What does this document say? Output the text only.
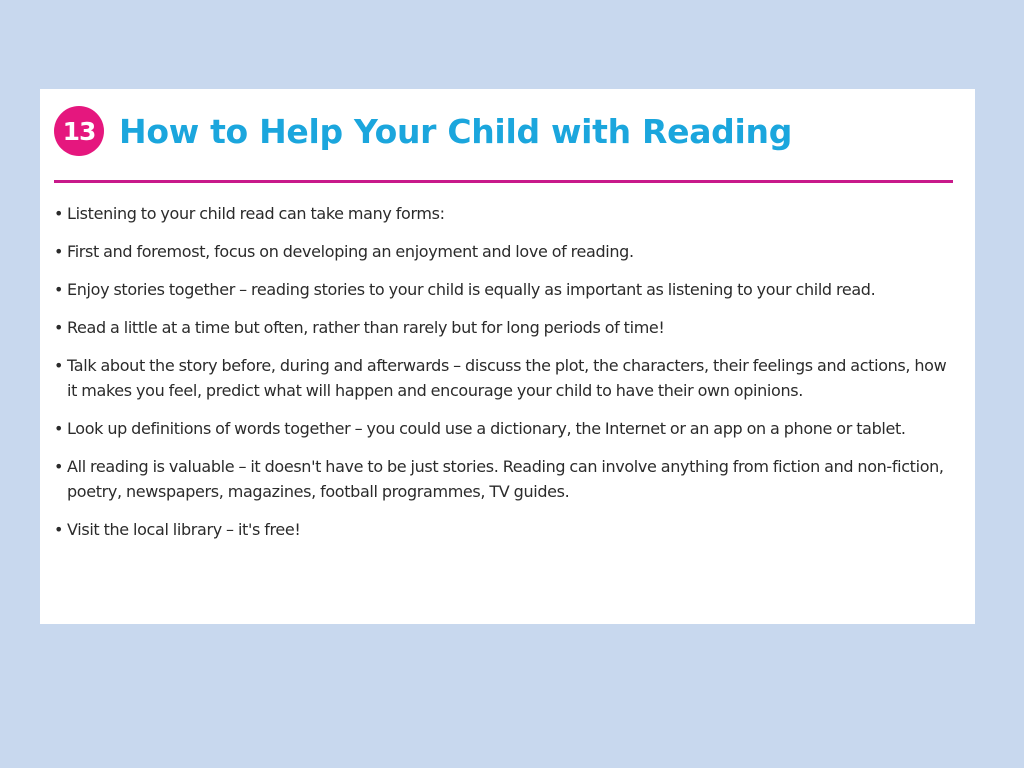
13 How to Help Your Child with Reading
• Listening to your child read can take many forms:
• First and foremost, focus on developing an enjoyment and love of reading.
• Enjoy stories together – reading stories to your child is equally as important as listening to your child read.
• Read a little at a time but often, rather than rarely but for long periods of time!
• Talk about the story before, during and afterwards – discuss the plot, the characters, their feelings and actions, how it makes you feel, predict what will happen and encourage your child to have their own opinions.
• Look up definitions of words together – you could use a dictionary, the Internet or an app on a phone or tablet.
• All reading is valuable – it doesn't have to be just stories. Reading can involve anything from fiction and non-fiction, poetry, newspapers, magazines, football programmes, TV guides.
• Visit the local library – it's free!
